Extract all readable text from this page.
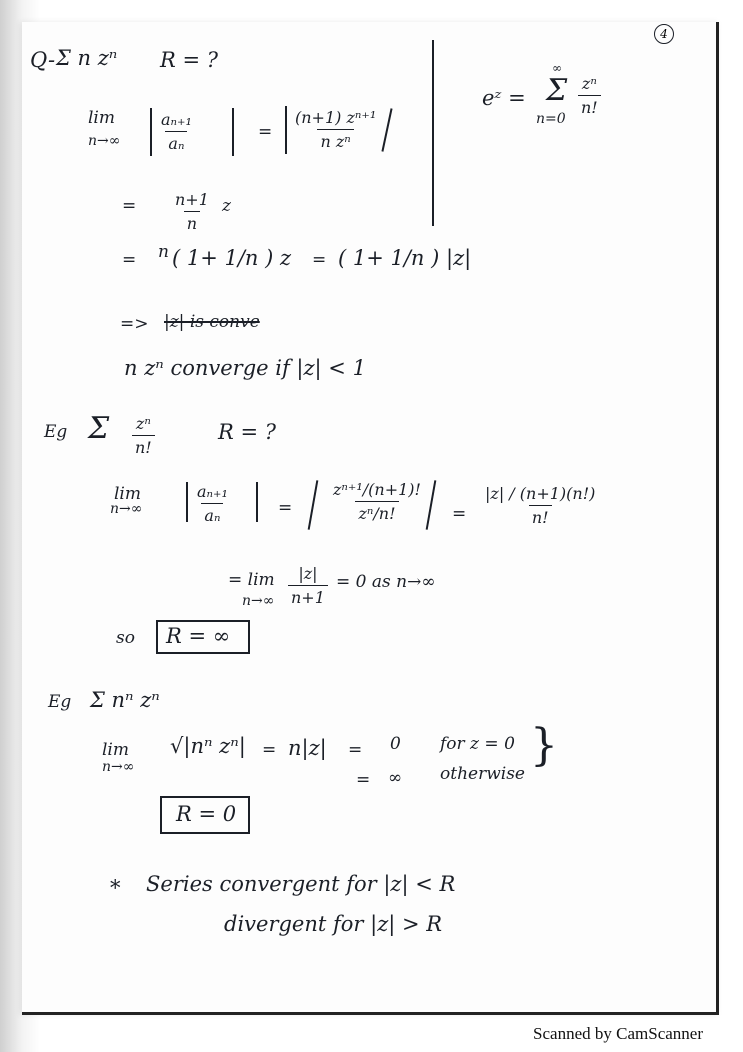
4
Q- Σ n zⁿ R = ?
lim
$n\to\infty \frac{\text{aₙ₊₁}}{\text{aₙ}}$	= $\frac{\text{(n+1) zⁿ⁺¹}}{\text{n zⁿ}}$
eᶻ =
∞
Σ
n=0
$\frac{\text{zⁿ}}{n!}$
= $\frac{n+1}{n}$ z
= n ( 1+ 1/n ) z = ( 1+ 1/n ) |z|
=> |z| is conve
n zⁿ converge if |z| < 1
Eg Σ $\frac{\text{zⁿ}}{n!}$	R = ?
lim
n→∞	$\frac{\text{aₙ₊₁}}{\text{aₙ}}$	= $\frac{\text{zⁿ⁺¹/(n+1)!}}{\text{zⁿ/n!}} = \frac{|z| / (n+1)(n!)}{n!}$
= lim
$n\to\infty \frac{|z|}{n+1} = 0$ as n→∞
so R = ∞
Eg Σ nⁿ zⁿ
lim
n→∞
√|nⁿ zⁿ| = n|z| = 0 for z = 0
= ∞ otherwise
}
R = 0
* Series convergent for |z| < R
divergent for |z| > R
Scanned by CamScanner
